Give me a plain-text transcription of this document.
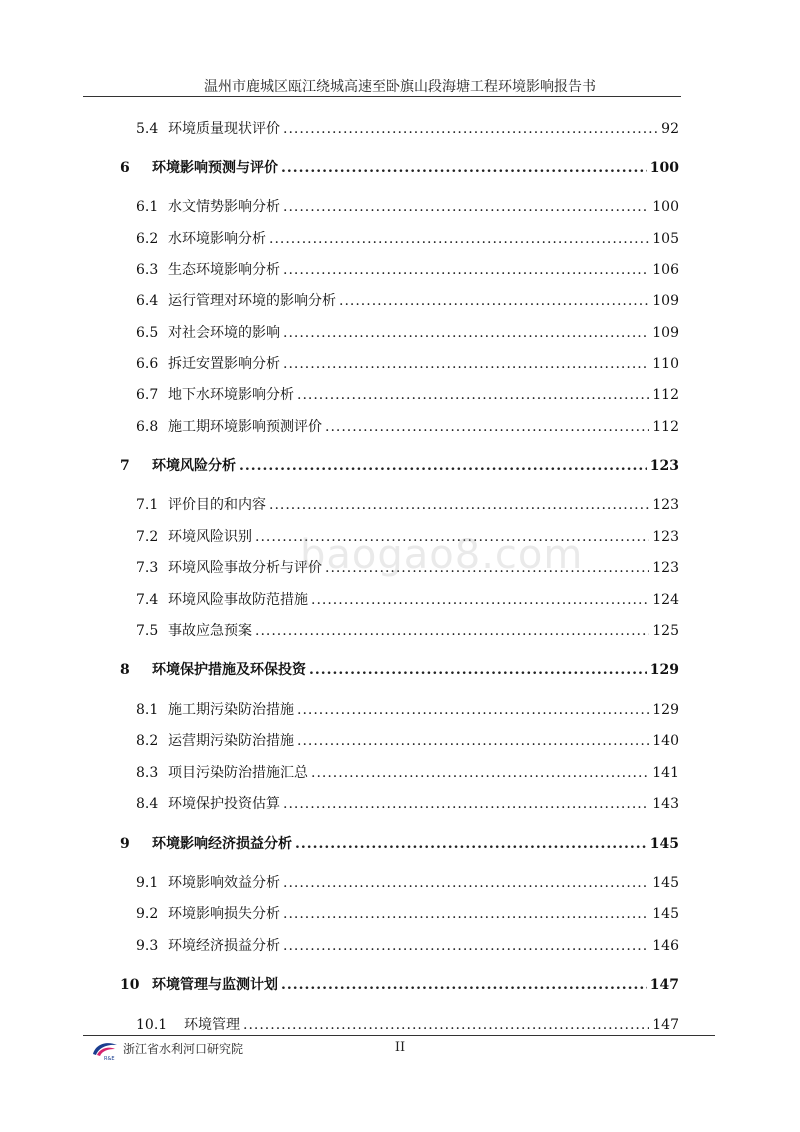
温州市鹿城区瓯江绕城高速至卧旗山段海塘工程环境影响报告书
5.4 环境质量现状评价 .....	92
6	环境影响预测与评价 .....	100
6.1 水文情势影响分析 .....	100
6.2 水环境影响分析 .....	105
6.3 生态环境影响分析 .....	106
6.4 运行管理对环境的影响分析 .....	109
6.5 对社会环境的影响 .....	109
6.6 拆迁安置影响分析 .....	110
6.7 地下水环境影响分析 .....	112
6.8 施工期环境影响预测评价 .....	112
7	环境风险分析 .....	123
7.1 评价目的和内容 .....	123
7.2 环境风险识别 .....	123
7.3 环境风险事故分析与评价 .....	123
7.4 环境风险事故防范措施 .....	124
7.5 事故应急预案 .....	125
8	环境保护措施及环保投资 .....	129
8.1 施工期污染防治措施 .....	129
8.2 运营期污染防治措施 .....	140
8.3 项目污染防治措施汇总 .....	141
8.4 环境保护投资估算 .....	143
9	环境影响经济损益分析 .....	145
9.1 环境影响效益分析 .....	145
9.2 环境影响损失分析 .....	145
9.3 环境经济损益分析 .....	146
10 环境管理与监测计划 .....	147
10.1	环境管理 .....	147
baogao8.com
R&E
浙江省水利河口研究院	II
